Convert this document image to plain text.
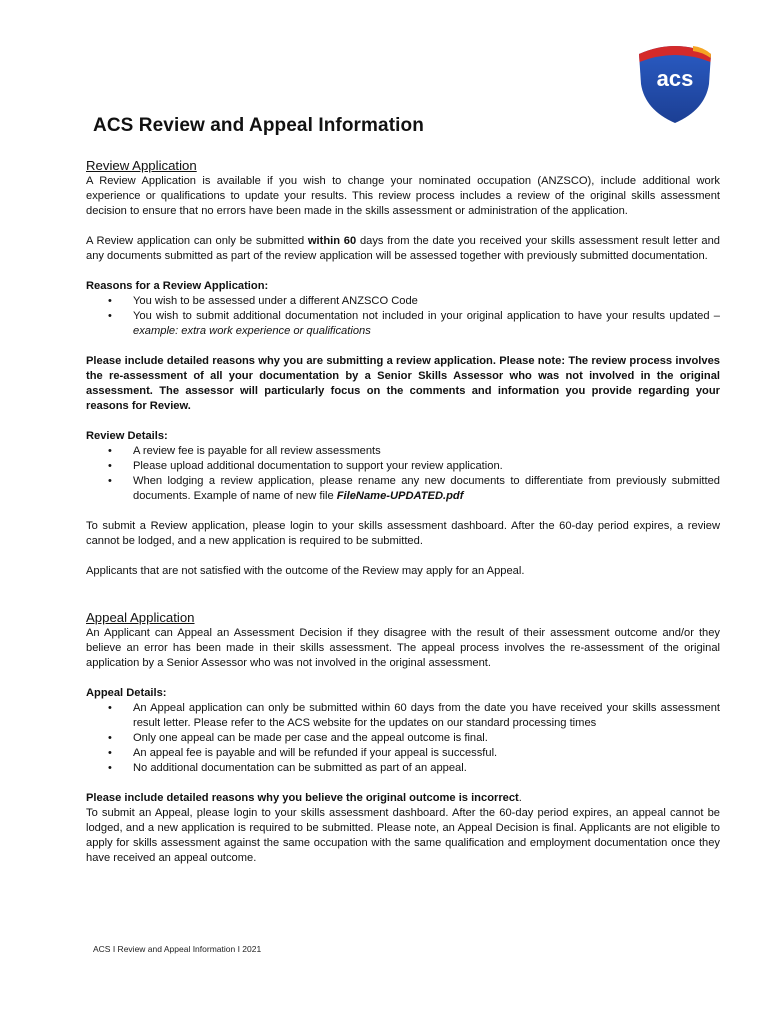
acs
ACS Review and Appeal Information
Review Application

A Review Application is available if you wish to change your nominated occupation (ANZSCO), include additional work experience or qualifications to update your results. This review process includes a review of the original skills assessment decision to ensure that no errors have been made in the skills assessment or administration of the application.

A Review application can only be submitted within 60 days from the date you received your skills assessment result letter and any documents submitted as part of the review application will be assessed together with previously submitted documentation.

Reasons for a Review Application:

• You wish to be assessed under a different ANZSCO Code
• You wish to submit additional documentation not included in your original application to have your results updated – example: extra work experience or qualifications

Please include detailed reasons why you are submitting a review application. Please note: The review process involves the re-assessment of all your documentation by a Senior Skills Assessor who was not involved in the original assessment. The assessor will particularly focus on the comments and information you provide regarding your reasons for Review.

Review Details:

• A review fee is payable for all review assessments
• Please upload additional documentation to support your review application.
• When lodging a review application, please rename any new documents to differentiate from previously submitted documents. Example of name of new file FileName-UPDATED.pdf

To submit a Review application, please login to your skills assessment dashboard. After the 60-day period expires, a review cannot be lodged, and a new application is required to be submitted.

Applicants that are not satisfied with the outcome of the Review may apply for an Appeal.

Appeal Application

An Applicant can Appeal an Assessment Decision if they disagree with the result of their assessment outcome and/or they believe an error has been made in their skills assessment. The appeal process involves the re-assessment of the original application by a Senior Assessor who was not involved in the original assessment.

Appeal Details:

• An Appeal application can only be submitted within 60 days from the date you have received your skills assessment result letter. Please refer to the ACS website for the updates on our standard processing times
• Only one appeal can be made per case and the appeal outcome is final.
• An appeal fee is payable and will be refunded if your appeal is successful.
• No additional documentation can be submitted as part of an appeal.

Please include detailed reasons why you believe the original outcome is incorrect.

To submit an Appeal, please login to your skills assessment dashboard. After the 60-day period expires, an appeal cannot be lodged, and a new application is required to be submitted. Please note, an Appeal Decision is final. Applicants are not eligible to apply for skills assessment against the same occupation with the same qualification and employment documentation once they have received an appeal outcome.

ACS I Review and Appeal Information I 2021
